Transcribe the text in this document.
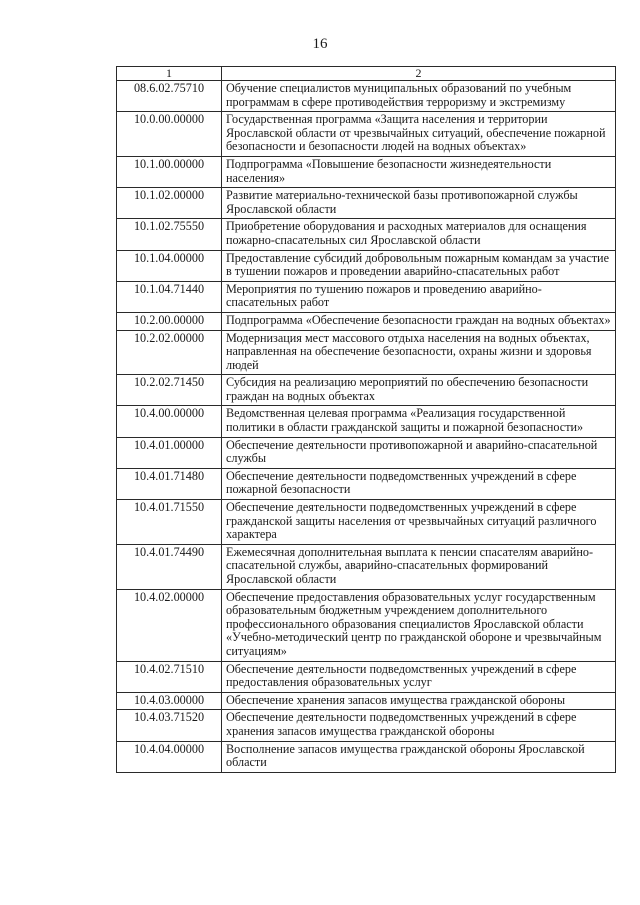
16
1	2
08.6.02.75710	Обучение специалистов муниципальных образований по учебным программам в сфере противодействия терроризму и экстремизму
10.0.00.00000	Государственная программа «Защита населения и территории Ярославской области от чрезвычайных ситуаций, обеспечение пожарной безопасности и безопасности людей на водных объектах»
10.1.00.00000	Подпрограмма «Повышение безопасности жизнедеятельности населения»
10.1.02.00000	Развитие материально-технической базы противопожарной службы Ярославской области
10.1.02.75550	Приобретение оборудования и расходных материалов для оснащения пожарно-спасательных сил Ярославской области
10.1.04.00000	Предоставление субсидий добровольным пожарным командам за участие в тушении пожаров и проведении аварийно-спасательных работ
10.1.04.71440	Мероприятия по тушению пожаров и проведению аварийно-спасательных работ
10.2.00.00000	Подпрограмма «Обеспечение безопасности граждан на водных объектах»
10.2.02.00000	Модернизация мест массового отдыха населения на водных объектах, направленная на обеспечение безопасности, охраны жизни и здоровья людей
10.2.02.71450	Субсидия на реализацию мероприятий по обеспечению безопасности граждан на водных объектах
10.4.00.00000	Ведомственная целевая программа «Реализация государственной политики в области гражданской защиты и пожарной безопасности»
10.4.01.00000	Обеспечение деятельности противопожарной и аварийно-спасательной службы
10.4.01.71480	Обеспечение деятельности подведомственных учреждений в сфере пожарной безопасности
10.4.01.71550	Обеспечение деятельности подведомственных учреждений в сфере гражданской защиты населения от чрезвычайных ситуаций различного характера
10.4.01.74490	Ежемесячная дополнительная выплата к пенсии спасателям аварийно-спасательной службы, аварийно-спасательных формирований Ярославской области
10.4.02.00000	Обеспечение предоставления образовательных услуг государственным образовательным бюджетным учреждением дополнительного профессионального образования специалистов Ярославской области «Учебно-методический центр по гражданской обороне и чрезвычайным ситуациям»
10.4.02.71510	Обеспечение деятельности подведомственных учреждений в сфере предоставления образовательных услуг
10.4.03.00000	Обеспечение хранения запасов имущества гражданской обороны
10.4.03.71520	Обеспечение деятельности подведомственных учреждений в сфере хранения запасов имущества гражданской обороны
10.4.04.00000	Восполнение запасов имущества гражданской обороны Ярославской области
